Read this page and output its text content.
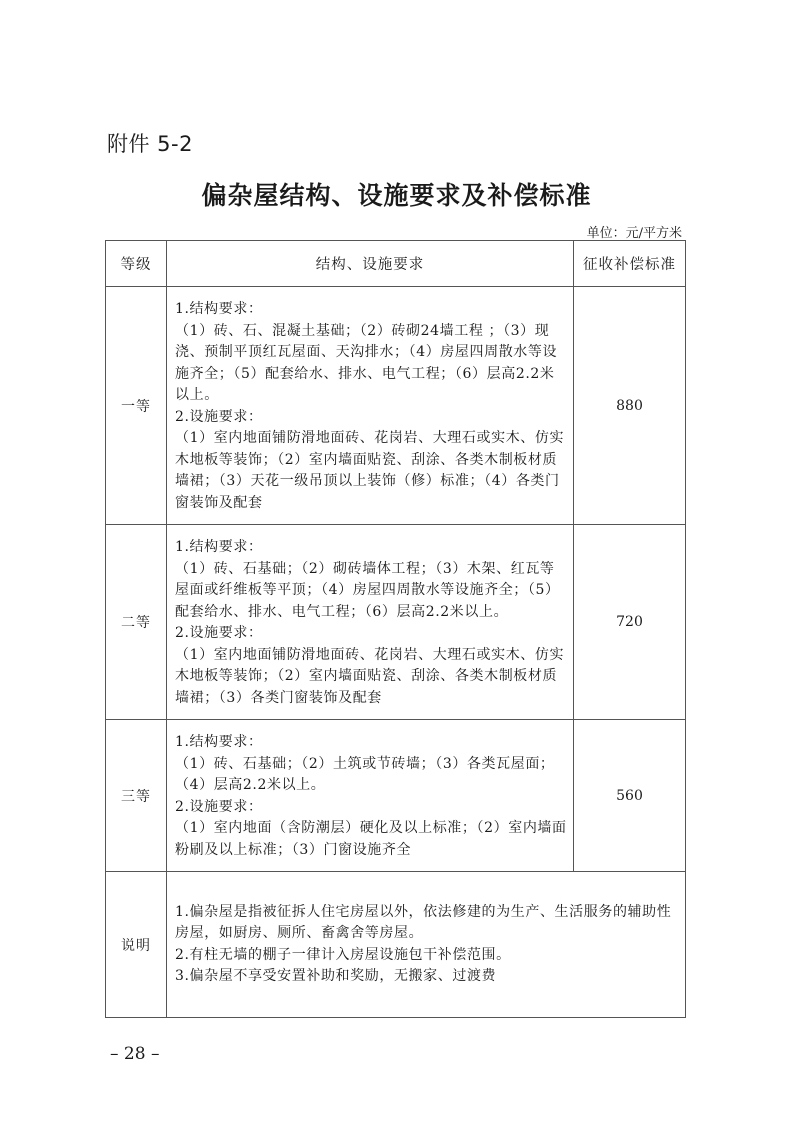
附件 5-2
偏杂屋结构、设施要求及补偿标准
单位：元/平方米
等级	结构、设施要求	征收补偿标准
一等	1.结构要求：
（1）砖、石、混凝土基础；（2）砖砌24墙工程 ；（3）现浇、预制平顶红瓦屋面、天沟排水；（4）房屋四周散水等设施齐全；（5）配套给水、排水、电气工程；（6）层高2.2米以上。
2.设施要求：
（1）室内地面铺防滑地面砖、花岗岩、大理石或实木、仿实木地板等装饰；（2）室内墙面贴瓷、刮涂、各类木制板材质墙裙；（3）天花一级吊顶以上装饰（修）标准；（4）各类门窗装饰及配套	880
二等	1.结构要求：
（1）砖、石基础；（2）砌砖墙体工程；（3）木架、红瓦等屋面或纤维板等平顶；（4）房屋四周散水等设施齐全；（5）配套给水、排水、电气工程；（6）层高2.2米以上。
2.设施要求：
（1）室内地面铺防滑地面砖、花岗岩、大理石或实木、仿实木地板等装饰；（2）室内墙面贴瓷、刮涂、各类木制板材质墙裙；（3）各类门窗装饰及配套	720
三等	1.结构要求：
（1）砖、石基础；（2）土筑或节砖墙；（3）各类瓦屋面；（4）层高2.2米以上。
2.设施要求：
（1）室内地面（含防潮层）硬化及以上标准；（2）室内墙面粉刷及以上标准；（3）门窗设施齐全	560
说明	1.偏杂屋是指被征拆人住宅房屋以外，依法修建的为生产、生活服务的辅助性房屋，如厨房、厕所、畜禽舍等房屋。
2.有柱无墙的棚子一律计入房屋设施包干补偿范围。
3.偏杂屋不享受安置补助和奖励，无搬家、过渡费	
– 28 –
